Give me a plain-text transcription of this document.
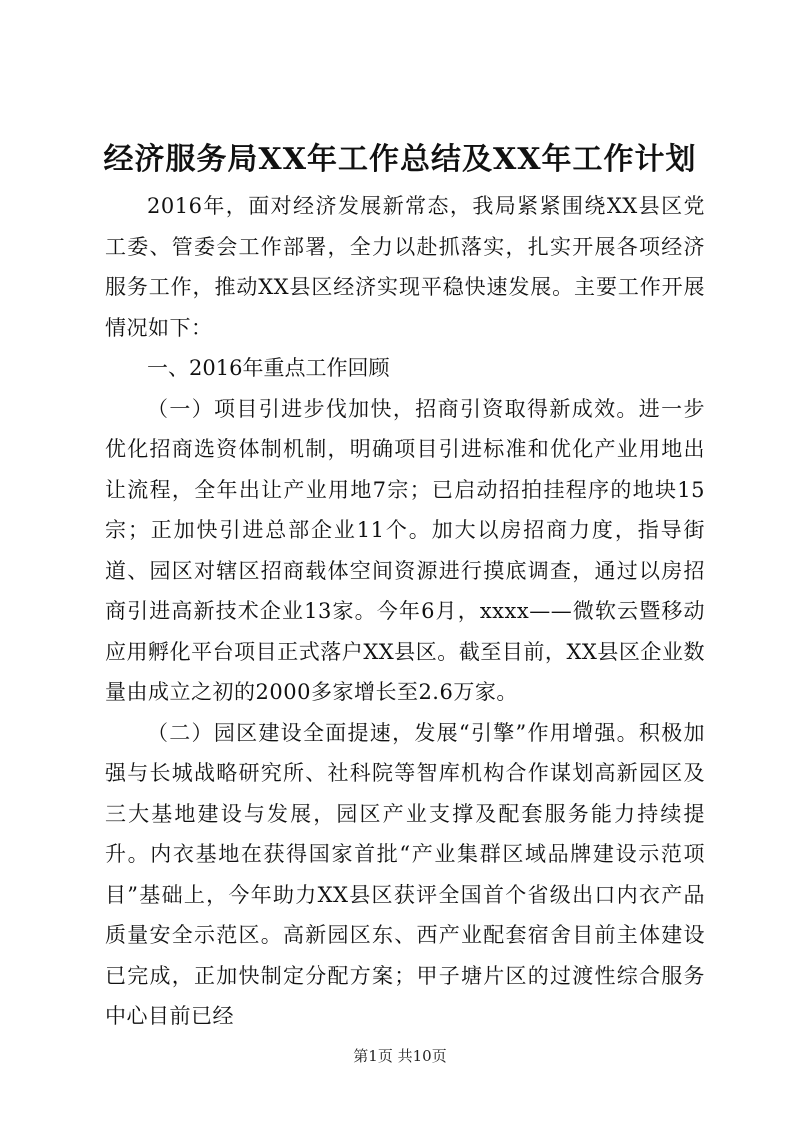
经济服务局XX年工作总结及XX年工作计划

2016年，面对经济发展新常态，我局紧紧围绕XX县区党工委、管委会工作部署，全力以赴抓落实，扎实开展各项经济服务工作，推动XX县区经济实现平稳快速发展。主要工作开展情况如下：

一、2016年重点工作回顾

（一）项目引进步伐加快，招商引资取得新成效。进一步优化招商选资体制机制，明确项目引进标准和优化产业用地出让流程，全年出让产业用地7宗；已启动招拍挂程序的地块15宗；正加快引进总部企业11个。加大以房招商力度，指导街道、园区对辖区招商载体空间资源进行摸底调查，通过以房招商引进高新技术企业13家。今年6月，xxxx——微软云暨移动应用孵化平台项目正式落户XX县区。截至目前，XX县区企业数量由成立之初的2000多家增长至2.6万家。

（二）园区建设全面提速，发展“引擎”作用增强。积极加强与长城战略研究所、社科院等智库机构合作谋划高新园区及三大基地建设与发展，园区产业支撑及配套服务能力持续提升。内衣基地在获得国家首批“产业集群区域品牌建设示范项目”基础上，今年助力XX县区获评全国首个省级出口内衣产品质量安全示范区。高新园区东、西产业配套宿舍目前主体建设已完成，正加快制定分配方案；甲子塘片区的过渡性综合服务中心目前已经

第1页 共10页
